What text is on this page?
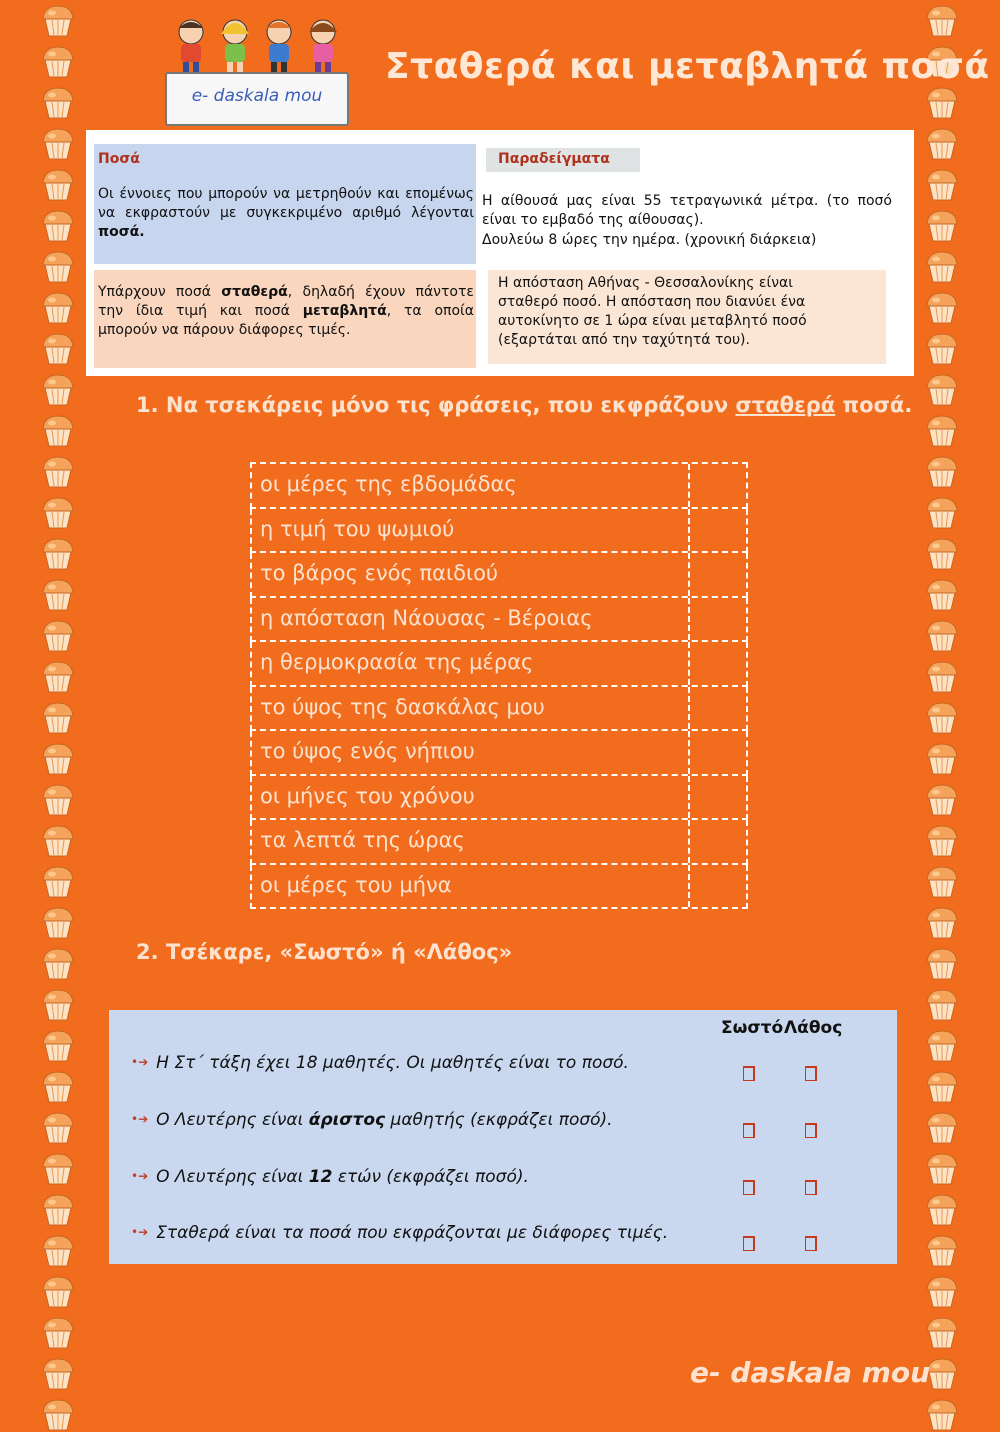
e- daskala mou
Σταθερά και μεταβλητά ποσά
Ποσά
Οι έννοιες που μπορούν να μετρηθούν και επομένως να εκφραστούν με συγκεκριμένο αριθμό λέγονται ποσά.
Υπάρχουν ποσά σταθερά, δηλαδή έχουν πάντοτε την ίδια τιμή και ποσά μεταβλητά, τα οποία μπορούν να πάρουν διάφορες τιμές.
Παραδείγματα
Η αίθουσά μας είναι 55 τετραγωνικά μέτρα. (το ποσό είναι το εμβαδό της αίθουσας).
Δουλεύω 8 ώρες την ημέρα. (χρονική διάρκεια)
Η απόσταση Αθήνας - Θεσσαλονίκης είναι σταθερό ποσό. Η απόσταση που διανύει ένα αυτοκίνητο σε 1 ώρα είναι μεταβλητό ποσό (εξαρτάται από την ταχύτητά του).
1. Να τσεκάρεις μόνο τις φράσεις, που εκφράζουν σταθερά ποσά.
οι μέρες της εβδομάδας
η τιμή του ψωμιού
το βάρος ενός παιδιού
η απόσταση Νάουσας - Βέροιας
η θερμοκρασία της μέρας
το ύψος της δασκάλας μου
το ύψος ενός νήπιου
οι μήνες του χρόνου
τα λεπτά της ώρας
οι μέρες του μήνα
2. Τσέκαρε, «Σωστό» ή «Λάθος»
Σωστό Λάθος
•➔ Η Στ΄ τάξη έχει 18 μαθητές. Οι μαθητές είναι το ποσό.
•➔ Ο Λευτέρης είναι άριστος μαθητής (εκφράζει ποσό).
•➔ Ο Λευτέρης είναι 12 ετών (εκφράζει ποσό).
•➔ Σταθερά είναι τα ποσά που εκφράζονται με διάφορες τιμές.
e- daskala mou
